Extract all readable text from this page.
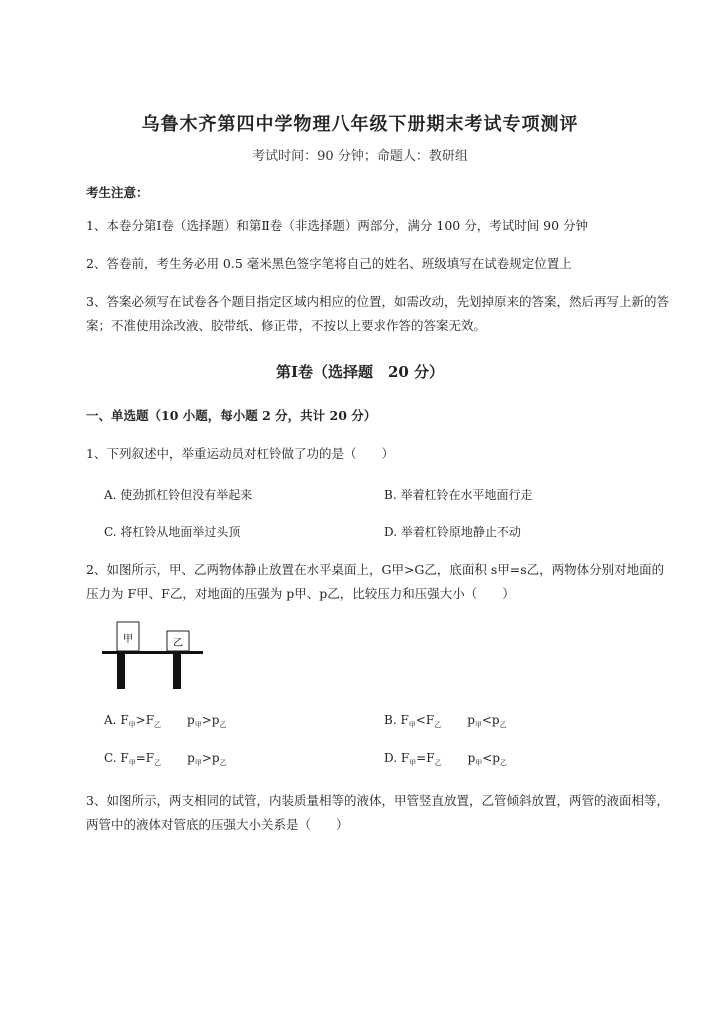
乌鲁木齐第四中学物理八年级下册期末考试专项测评
考试时间：90 分钟；命题人：教研组
考生注意：
1、本卷分第Ⅰ卷（选择题）和第Ⅱ卷（非选择题）两部分，满分 100 分，考试时间 90 分钟
2、答卷前，考生务必用 0.5 毫米黑色签字笔将自己的姓名、班级填写在试卷规定位置上
3、答案必须写在试卷各个题目指定区域内相应的位置，如需改动，先划掉原来的答案，然后再写上新的答案；不准使用涂改液、胶带纸、修正带，不按以上要求作答的答案无效。
第Ⅰ卷（选择题　20 分）
一、单选题（10 小题，每小题 2 分，共计 20 分）
1、下列叙述中，举重运动员对杠铃做了功的是（　　）
A. 使劲抓杠铃但没有举起来	B. 举着杠铃在水平地面行走
C. 将杠铃从地面举过头顶	D. 举着杠铃原地静止不动
2、如图所示，甲、乙两物体静止放置在水平桌面上，G甲>G乙，底面积 s甲=s乙，两物体分别对地面的
压力为 F甲、F乙，对地面的压强为 p甲、p乙，比较压力和压强大小（　　）
甲	乙
A. $F_甲>F_乙$ $p_甲>p_乙$	B. $F_甲<F_乙$ $p_甲<p_乙$
C. $F_甲=F_乙$ $p_甲>p_乙$	D. $F_甲=F_乙$ $p_甲<p_乙$
3、如图所示，两支相同的试管，内装质量相等的液体，甲管竖直放置，乙管倾斜放置，两管的液面相等，两管中的液体对管底的压强大小关系是（　　）
